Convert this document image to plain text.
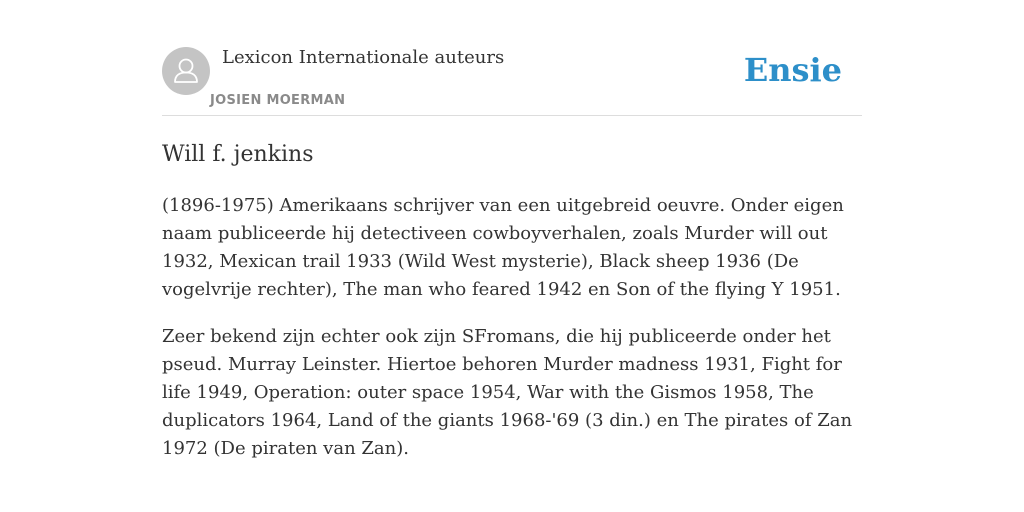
Lexicon Internationale auteurs
JOSIEN MOERMAN
Ensie
Will f. jenkins

(1896-1975) Amerikaans schrijver van een uitgebreid oeuvre. Onder eigen naam publiceerde hij detectiveen cowboyverhalen, zoals Murder will out 1932, Mexican trail 1933 (Wild West mysterie), Black sheep 1936 (De vogelvrije rechter), The man who feared 1942 en Son of the flying Y 1951.

Zeer bekend zijn echter ook zijn SFromans, die hij publiceerde onder het pseud. Murray Leinster. Hiertoe behoren Murder madness 1931, Fight for life 1949, Operation: outer space 1954, War with the Gismos 1958, The duplicators 1964, Land of the giants 1968-'69 (3 din.) en The pirates of Zan 1972 (De piraten van Zan).
